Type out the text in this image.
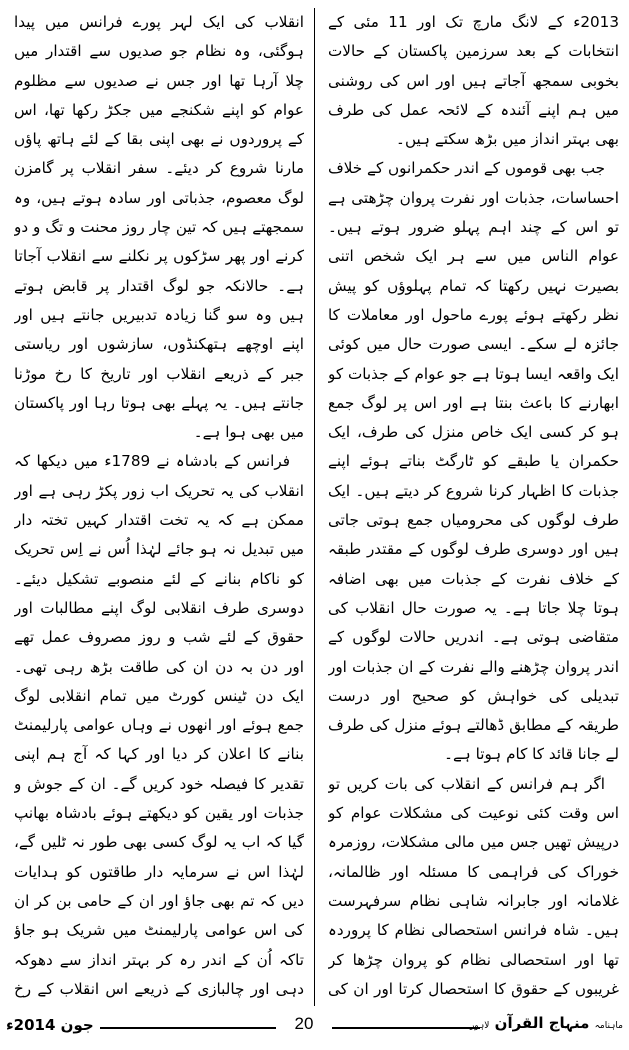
2013ء کے لانگ مارچ تک اور 11 مئی کے انتخابات کے بعد سرزمین پاکستان کے حالات بخوبی سمجھ آجاتے ہیں اور اس کی روشنی میں ہم اپنے آئندہ کے لائحہ عمل کی طرف بھی بہتر انداز میں بڑھ سکتے ہیں۔

جب بھی قوموں کے اندر حکمرانوں کے خلاف احساسات، جذبات اور نفرت پروان چڑھتی ہے تو اس کے چند اہم پہلو ضرور ہوتے ہیں۔ عوام الناس میں سے ہر ایک شخص اتنی بصیرت نہیں رکھتا کہ تمام پہلوؤں کو پیش نظر رکھتے ہوئے پورے ماحول اور معاملات کا جائزہ لے سکے۔ ایسی صورت حال میں کوئی ایک واقعہ ایسا ہوتا ہے جو عوام کے جذبات کو ابھارنے کا باعث بنتا ہے اور اس پر لوگ جمع ہو کر کسی ایک خاص منزل کی طرف، ایک حکمران یا طبقے کو ٹارگٹ بناتے ہوئے اپنے جذبات کا اظہار کرنا شروع کر دیتے ہیں۔ ایک طرف لوگوں کی محرومیاں جمع ہوتی جاتی ہیں اور دوسری طرف لوگوں کے مقتدر طبقہ کے خلاف نفرت کے جذبات میں بھی اضافہ ہوتا چلا جاتا ہے۔ یہ صورت حال انقلاب کی متقاضی ہوتی ہے۔ اندریں حالات لوگوں کے اندر پروان چڑھنے والے نفرت کے ان جذبات اور تبدیلی کی خواہش کو صحیح اور درست طریقہ کے مطابق ڈھالتے ہوئے منزل کی طرف لے جانا قائد کا کام ہوتا ہے۔

اگر ہم فرانس کے انقلاب کی بات کریں تو اس وقت کئی نوعیت کی مشکلات عوام کو درپیش تھیں جس میں مالی مشکلات، روزمرہ خوراک کی فراہمی کا مسئلہ اور ظالمانہ، غلامانہ اور جابرانہ شاہی نظام سرفہرست ہیں۔ شاہ فرانس استحصالی نظام کا پروردہ تھا اور استحصالی نظام کو پروان چڑھا کر غریبوں کے حقوق کا استحصال کرتا اور ان کی

انقلاب کی ایک لہر پورے فرانس میں پیدا ہوگئی، وہ نظام جو صدیوں سے اقتدار میں چلا آرہا تھا اور جس نے صدیوں سے مظلوم عوام کو اپنے شکنجے میں جکڑ رکھا تھا، اس کے پروردوں نے بھی اپنی بقا کے لئے ہاتھ پاؤں مارنا شروع کر دیئے۔ سفر انقلاب پر گامزن لوگ معصوم، جذباتی اور سادہ ہوتے ہیں، وہ سمجھتے ہیں کہ تین چار روز محنت و تگ و دو کرنے اور پھر سڑکوں پر نکلنے سے انقلاب آجاتا ہے۔ حالانکہ جو لوگ اقتدار پر قابض ہوتے ہیں وہ سو گنا زیادہ تدبیریں جانتے ہیں اور اپنے اوچھے ہتھکنڈوں، سازشوں اور ریاستی جبر کے ذریعے انقلاب اور تاریخ کا رخ موڑنا جانتے ہیں۔ یہ پہلے بھی ہوتا رہا اور پاکستان میں بھی ہوا ہے۔

فرانس کے بادشاہ نے 1789ء میں دیکھا کہ انقلاب کی یہ تحریک اب زور پکڑ رہی ہے اور ممکن ہے کہ یہ تخت اقتدار کہیں تختہ دار میں تبدیل نہ ہو جائے لہٰذا اُس نے اِس تحریک کو ناکام بنانے کے لئے منصوبے تشکیل دیئے۔ دوسری طرف انقلابی لوگ اپنے مطالبات اور حقوق کے لئے شب و روز مصروف عمل تھے اور دن بہ دن ان کی طاقت بڑھ رہی تھی۔ ایک دن ٹینس کورٹ میں تمام انقلابی لوگ جمع ہوئے اور انھوں نے وہاں عوامی پارلیمنٹ بنانے کا اعلان کر دیا اور کہا کہ آج ہم اپنی تقدیر کا فیصلہ خود کریں گے۔ ان کے جوش و جذبات اور یقین کو دیکھتے ہوئے بادشاہ بھانپ گیا کہ اب یہ لوگ کسی بھی طور نہ ٹلیں گے، لہٰذا اس نے سرمایہ دار طاقتوں کو ہدایات دیں کہ تم بھی جاؤ اور ان کے حامی بن کر ان کی اس عوامی پارلیمنٹ میں شریک ہو جاؤ تاکہ اُن کے اندر رہ کر بہتر انداز سے دھوکہ دہی اور چالبازی کے ذریعے اس انقلاب کے رخ

جون 2014ء	20	ماہنامہ منہاج القرآن لاہور
